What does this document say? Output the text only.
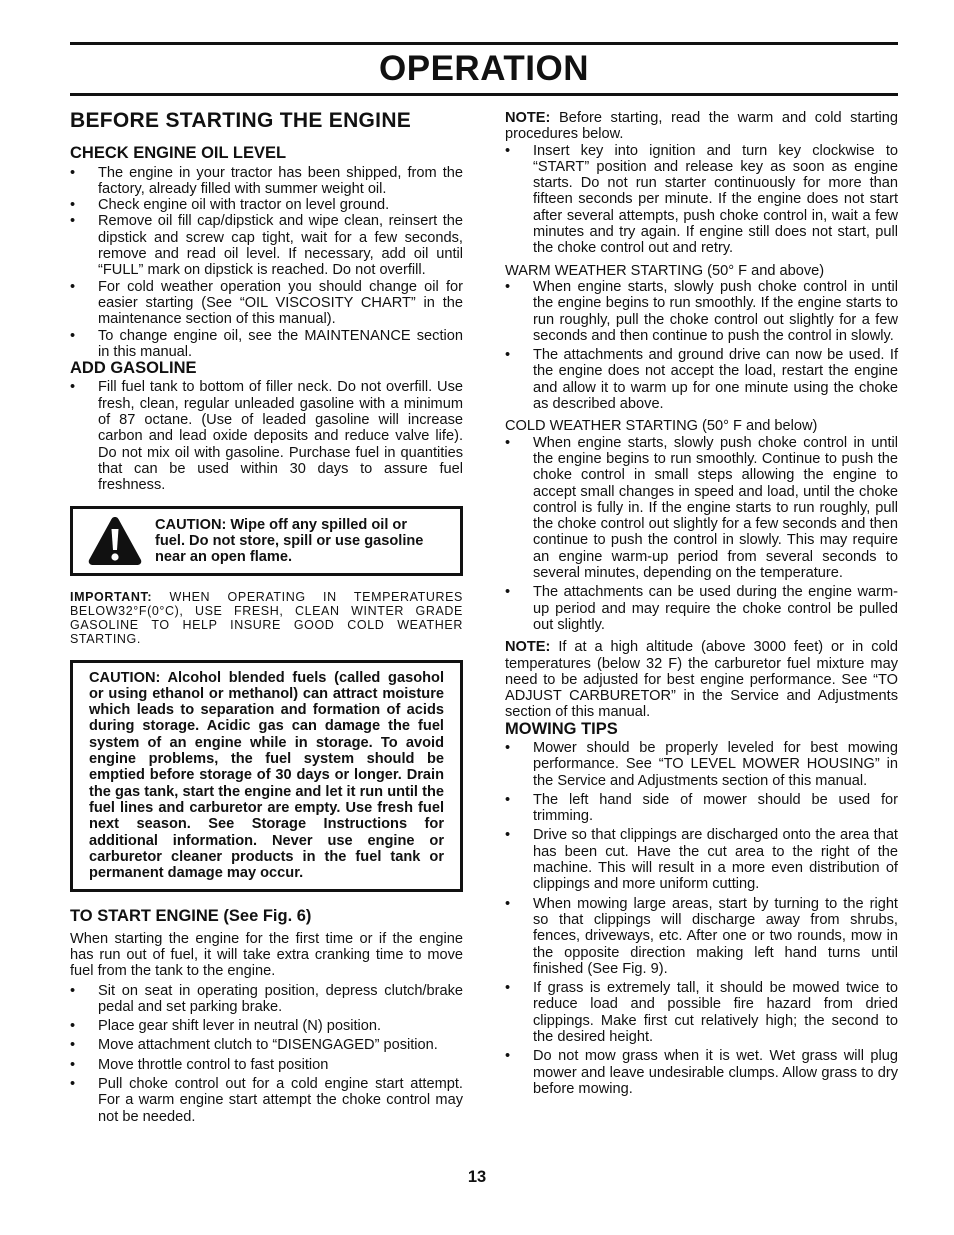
OPERATION
BEFORE STARTING THE ENGINE
CHECK ENGINE OIL LEVEL
• The engine in your tractor has been shipped, from the factory, already filled with summer weight oil.
• Check engine oil with tractor on level ground.
• Remove oil fill cap/dipstick and wipe clean, reinsert the dipstick and screw cap tight, wait for a few seconds, remove and read oil level. If necessary, add oil until “FULL” mark on dipstick is reached. Do not overfill.
• For cold weather operation you should change oil for easier starting (See “OIL VISCOSITY CHART” in the maintenance section of this manual).
• To change engine oil, see the MAINTENANCE section in this manual.
ADD GASOLINE
• Fill fuel tank to bottom of filler neck. Do not overfill. Use fresh, clean, regular unleaded gasoline with a minimum of 87 octane. (Use of leaded gasoline will increase carbon and lead oxide deposits and reduce valve life). Do not mix oil with gasoline. Purchase fuel in quantities that can be used within 30 days to assure fuel freshness.
CAUTION: Wipe off any spilled oil or fuel. Do not store, spill or use gasoline near an open flame.

IMPORTANT: WHEN OPERATING IN TEMPERATURES BELOW32°F(0°C), USE FRESH, CLEAN WINTER GRADE GASOLINE TO HELP INSURE GOOD COLD WEATHER STARTING.

CAUTION: Alcohol blended fuels (called gasohol or using ethanol or methanol) can attract moisture which leads to separation and formation of acids during storage. Acidic gas can damage the fuel system of an engine while in storage. To avoid engine problems, the fuel system should be emptied before storage of 30 days or longer. Drain the gas tank, start the engine and let it run until the fuel lines and carburetor are empty. Use fresh fuel next season. See Storage Instructions for additional information. Never use engine or carburetor cleaner products in the fuel tank or permanent damage may occur.

TO START ENGINE (See Fig. 6)

When starting the engine for the first time or if the engine has run out of fuel, it will take extra cranking time to move fuel from the tank to the engine.

• Sit on seat in operating position, depress clutch/brake pedal and set parking brake.
• Place gear shift lever in neutral (N) position.
• Move attachment clutch to “DISENGAGED” position.
• Move throttle control to fast position
• Pull choke control out for a cold engine start attempt. For a warm engine start attempt the choke control may not be needed.

NOTE: Before starting, read the warm and cold starting procedures below.

• Insert key into ignition and turn key clockwise to “START” position and release key as soon as engine starts. Do not run starter continuously for more than fifteen seconds per minute. If the engine does not start after several attempts, push choke control in, wait a few minutes and try again. If engine still does not start, pull the choke control out and retry.

WARM WEATHER STARTING (50° F and above)

• When engine starts, slowly push choke control in until the engine begins to run smoothly. If the engine starts to run roughly, pull the choke control out slightly for a few seconds and then continue to push the control in slowly.
• The attachments and ground drive can now be used. If the engine does not accept the load, restart the engine and allow it to warm up for one minute using the choke as described above.

COLD WEATHER STARTING (50° F and below)

• When engine starts, slowly push choke control in until the engine begins to run smoothly. Continue to push the choke control in small steps allowing the engine to accept small changes in speed and load, until the choke control is fully in. If the engine starts to run roughly, pull the choke control out slightly for a few seconds and then continue to push the control in slowly. This may require an engine warm-up period from several seconds to several minutes, depending on the temperature.
• The attachments can be used during the engine warm-up period and may require the choke control be pulled out slightly.

NOTE: If at a high altitude (above 3000 feet) or in cold temperatures (below 32 F) the carburetor fuel mixture may need to be adjusted for best engine performance. See “TO ADJUST CARBURETOR” in the Service and Adjustments section of this manual.

MOWING TIPS
• Mower should be properly leveled for best mowing performance. See “TO LEVEL MOWER HOUSING” in the Service and Adjustments section of this manual.
• The left hand side of mower should be used for trimming.
• Drive so that clippings are discharged onto the area that has been cut. Have the cut area to the right of the machine. This will result in a more even distribution of clippings and more uniform cutting.
• When mowing large areas, start by turning to the right so that clippings will discharge away from shrubs, fences, driveways, etc. After one or two rounds, mow in the opposite direction making left hand turns until finished (See Fig. 9).
• If grass is extremely tall, it should be mowed twice to reduce load and possible fire hazard from dried clippings. Make first cut relatively high; the second to the desired height.
• Do not mow grass when it is wet. Wet grass will plug mower and leave undesirable clumps. Allow grass to dry before mowing.
13
